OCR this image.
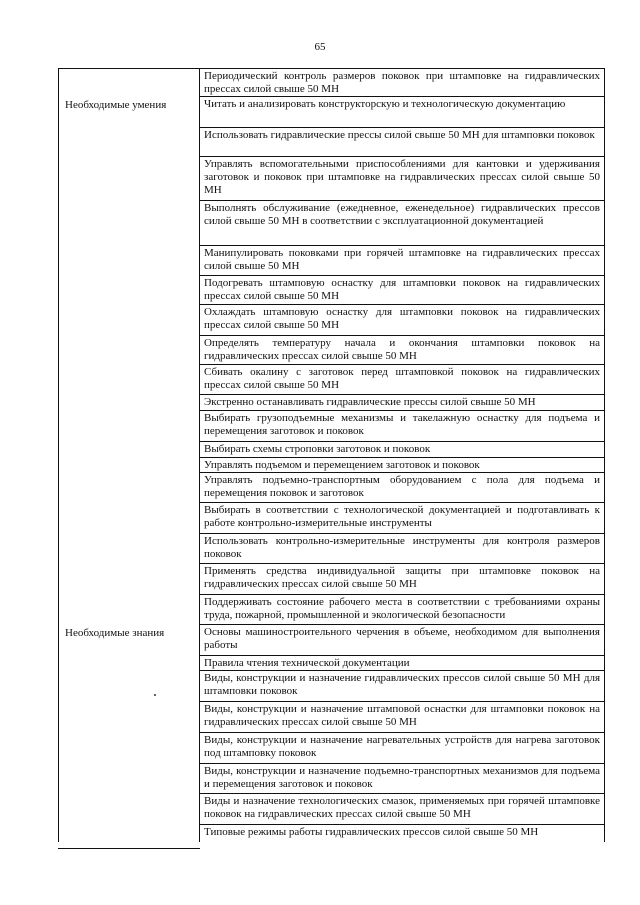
65
Периодический контроль размеров поковок при штамповке на гидравлических прессах силой свыше 50 МН
Необходимые умения	Читать и анализировать конструкторскую и технологическую документацию
Использовать гидравлические прессы силой свыше 50 МН для штамповки поковок
Управлять вспомогательными приспособлениями для кантовки и удерживания заготовок и поковок при штамповке на гидравлических прессах силой свыше 50 МН
Выполнять обслуживание (ежедневное, еженедельное) гидравлических прессов силой свыше 50 МН в соответствии с эксплуатационной документацией
Манипулировать поковками при горячей штамповке на гидравлических прессах силой свыше 50 МН
Подогревать штамповую оснастку для штамповки поковок на гидравлических прессах силой свыше 50 МН
Охлаждать штамповую оснастку для штамповки поковок на гидравлических прессах силой свыше 50 МН
Определять температуру начала и окончания штамповки поковок на гидравлических прессах силой свыше 50 МН
Сбивать окалину с заготовок перед штамповкой поковок на гидравлических прессах силой свыше 50 МН
Экстренно останавливать гидравлические прессы силой свыше 50 МН
Выбирать грузоподъемные механизмы и такелажную оснастку для подъема и перемещения заготовок и поковок
Выбирать схемы строповки заготовок и поковок
Управлять подъемом и перемещением заготовок и поковок
Управлять подъемно-транспортным оборудованием с пола для подъема и перемещения поковок и заготовок
Выбирать в соответствии с технологической документацией и подготавливать к работе контрольно-измерительные инструменты
Использовать контрольно-измерительные инструменты для контроля размеров поковок
Применять средства индивидуальной защиты при штамповке поковок на гидравлических прессах силой свыше 50 МН
Поддерживать состояние рабочего места в соответствии с требованиями охраны труда, пожарной, промышленной и экологической безопасности
Необходимые знания	Основы машиностроительного черчения в объеме, необходимом для выполнения работы
Правила чтения технической документации
Виды, конструкции и назначение гидравлических прессов силой свыше 50 МН для штамповки поковок
Виды, конструкции и назначение штамповой оснастки для штамповки поковок на гидравлических прессах силой свыше 50 МН
Виды, конструкции и назначение нагревательных устройств для нагрева заготовок под штамповку поковок
Виды, конструкции и назначение подъемно-транспортных механизмов для подъема и перемещения заготовок и поковок
Виды и назначение технологических смазок, применяемых при горячей штамповке поковок на гидравлических прессах силой свыше 50 МН
Типовые режимы работы гидравлических прессов силой свыше 50 МН
